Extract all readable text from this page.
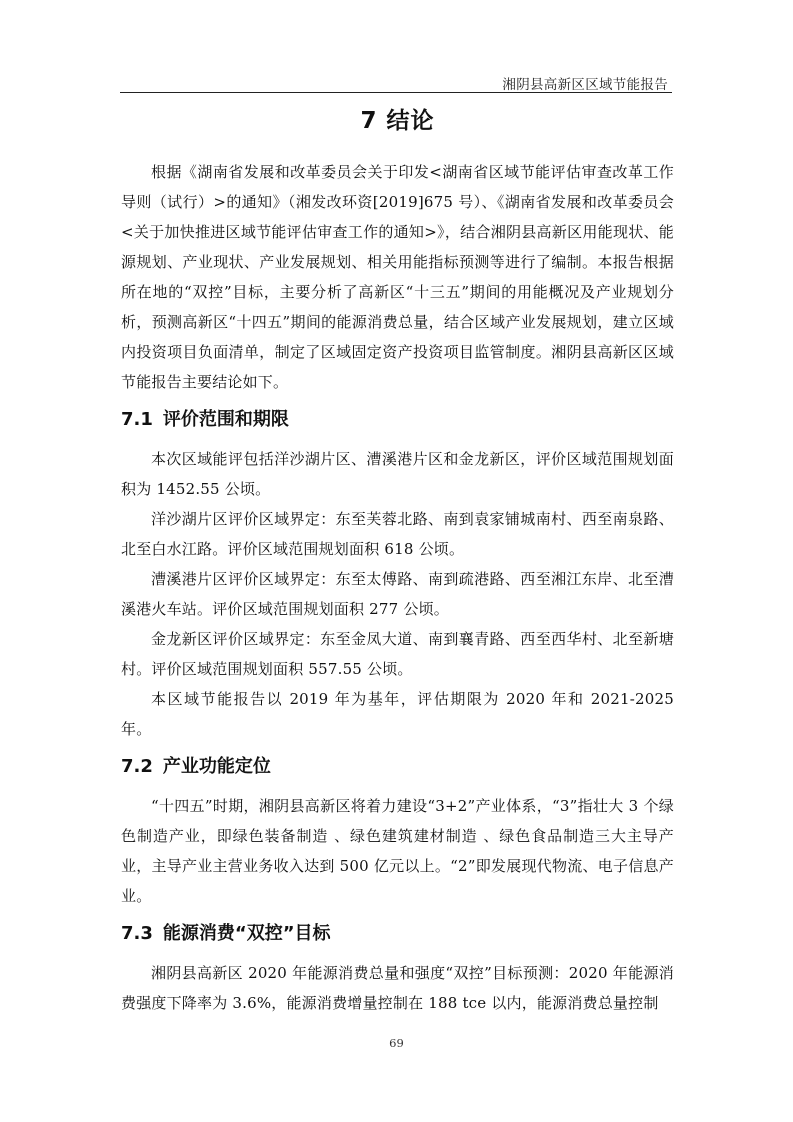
湘阴县高新区区域节能报告
7 结论

根据《湖南省发展和改革委员会关于印发<湖南省区域节能评估审查改革工作导则（试行）>的通知》（湘发改环资[2019]675 号）、《湖南省发展和改革委员会<关于加快推进区域节能评估审查工作的通知>》，结合湘阴县高新区用能现状、能源规划、产业现状、产业发展规划、相关用能指标预测等进行了编制。本报告根据所在地的“双控”目标，主要分析了高新区“十三五”期间的用能概况及产业规划分析，预测高新区“十四五”期间的能源消费总量，结合区域产业发展规划，建立区域内投资项目负面清单，制定了区域固定资产投资项目监管制度。湘阴县高新区区域节能报告主要结论如下。

7.1 评价范围和期限

本次区域能评包括洋沙湖片区、漕溪港片区和金龙新区，评价区域范围规划面积为 1452.55 公顷。

洋沙湖片区评价区域界定：东至芙蓉北路、南到袁家铺城南村、西至南泉路、北至白水江路。评价区域范围规划面积 618 公顷。

漕溪港片区评价区域界定：东至太傅路、南到疏港路、西至湘江东岸、北至漕溪港火车站。评价区域范围规划面积 277 公顷。

金龙新区评价区域界定：东至金凤大道、南到襄青路、西至西华村、北至新塘村。评价区域范围规划面积 557.55 公顷。

本区域节能报告以 2019 年为基年，评估期限为 2020 年和 2021-2025 年。

7.2 产业功能定位

“十四五”时期，湘阴县高新区将着力建设“3+2”产业体系，“3”指壮大 3 个绿色制造产业，即绿色装备制造 、绿色建筑建材制造 、绿色食品制造三大主导产业，主导产业主营业务收入达到 500 亿元以上。“2”即发展现代物流、电子信息产业。

7.3 能源消费“双控”目标

湘阴县高新区 2020 年能源消费总量和强度“双控”目标预测：2020 年能源消费强度下降率为 3.6%，能源消费增量控制在 188 tce 以内，能源消费总量控制

69
